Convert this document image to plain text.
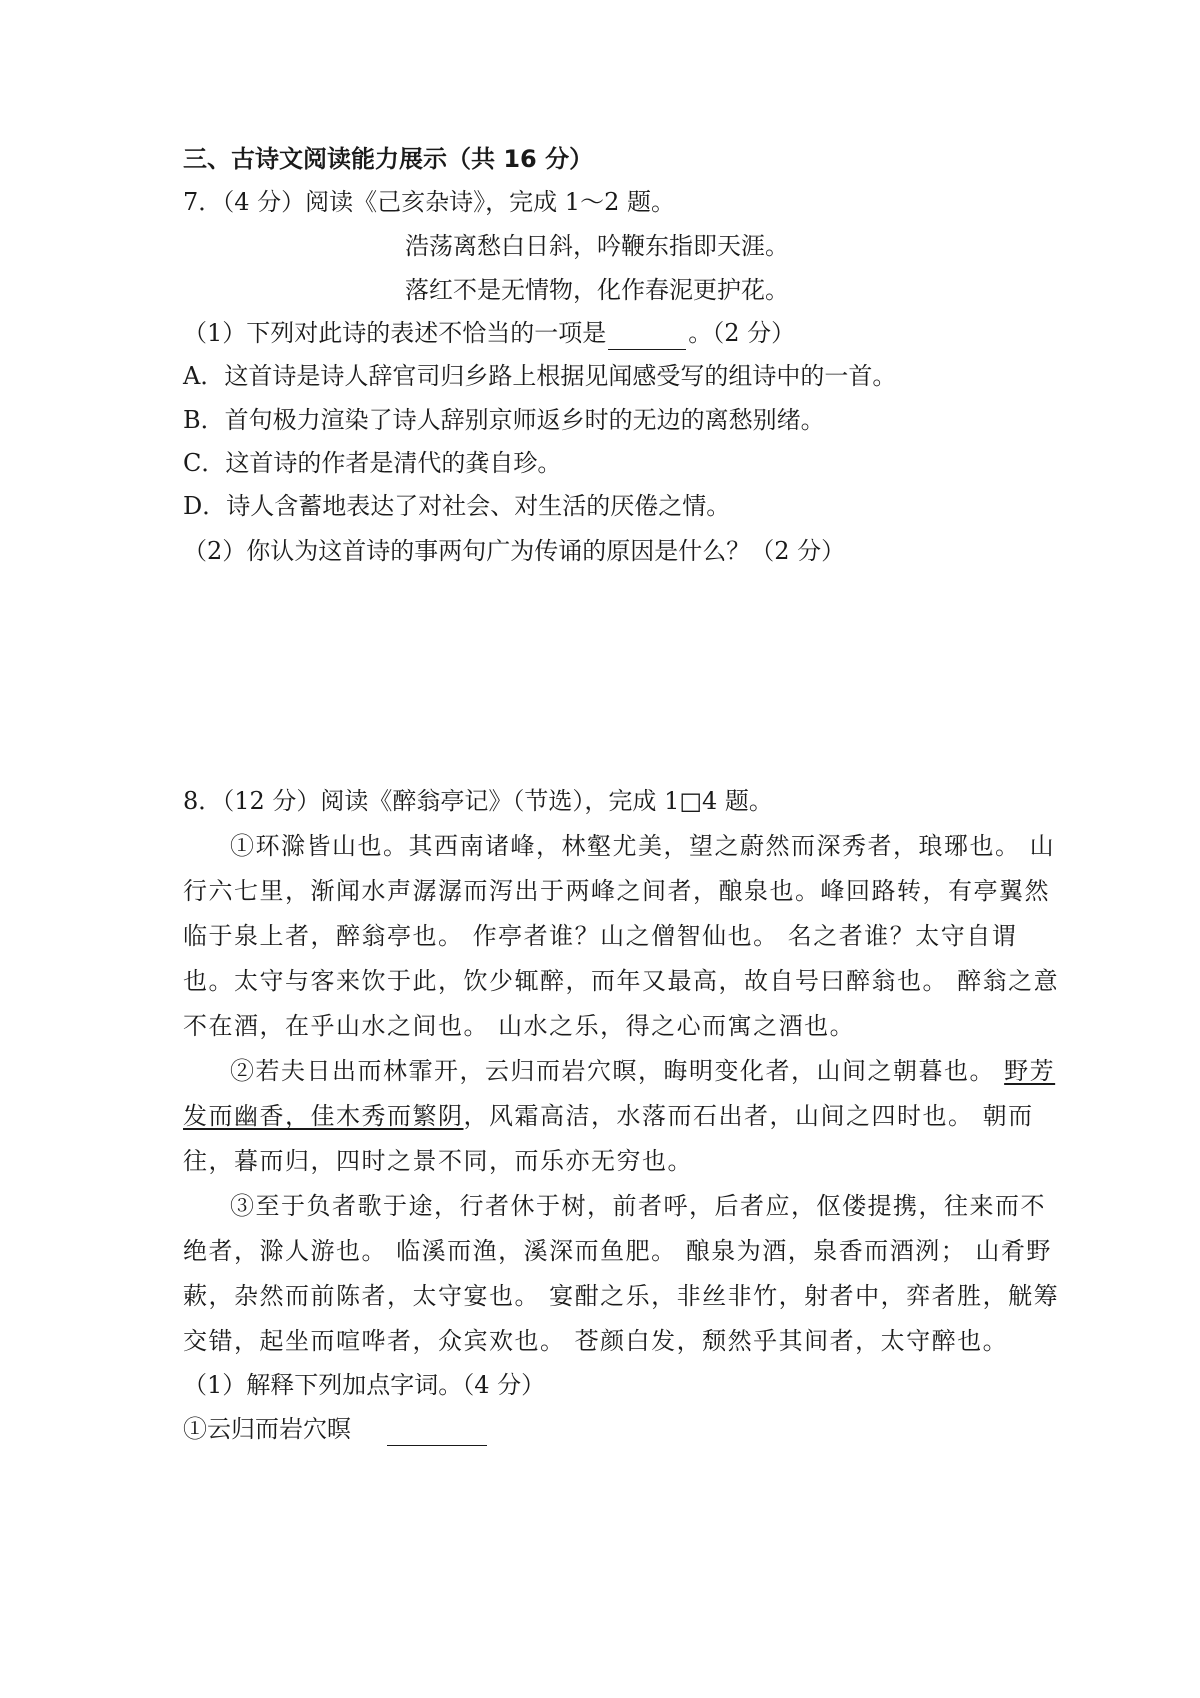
三、古诗文阅读能力展示（共 16 分）
7．（4 分）阅读《己亥杂诗》，完成 1～2 题。
浩荡离愁白日斜，吟鞭东指即天涯。
落红不是无情物，化作春泥更护花。
（1）下列对此诗的表述不恰当的一项是	。（2 分）
A．这首诗是诗人辞官司归乡路上根据见闻感受写的组诗中的一首。
B．首句极力渲染了诗人辞别京师返乡时的无边的离愁别绪。
C．这首诗的作者是清代的龚自珍。
D．诗人含蓄地表达了对社会、对生活的厌倦之情。
（2）你认为这首诗的事两句广为传诵的原因是什么？（2 分）
8．（12 分）阅读《醉翁亭记》（节选），完成 1□4 题。
①环滁皆山也。其西南诸峰，林壑尤美，望之蔚然而深秀者，琅琊也。 山
行六七里，渐闻水声潺潺而泻出于两峰之间者，酿泉也。峰回路转，有亭翼然
临于泉上者，醉翁亭也。 作亭者谁？山之僧智仙也。 名之者谁？太守自谓
也。太守与客来饮于此，饮少辄醉，而年又最高，故自号曰醉翁也。 醉翁之意
不在酒，在乎山水之间也。 山水之乐，得之心而寓之酒也。
②若夫日出而林霏开，云归而岩穴暝，晦明变化者，山间之朝暮也。 野芳
发而幽香，佳木秀而繁阴，风霜高洁，水落而石出者，山间之四时也。 朝而
往，暮而归，四时之景不同，而乐亦无穷也。
③至于负者歌于途，行者休于树，前者呼，后者应，伛偻提携，往来而不
绝者，滁人游也。 临溪而渔，溪深而鱼肥。 酿泉为酒，泉香而酒洌； 山肴野
蔌，杂然而前陈者，太守宴也。 宴酣之乐，非丝非竹，射者中，弈者胜，觥筹
交错，起坐而喧哗者，众宾欢也。 苍颜白发，颓然乎其间者，太守醉也。
（1）解释下列加点字词。（4 分）
①云归而岩穴暝
